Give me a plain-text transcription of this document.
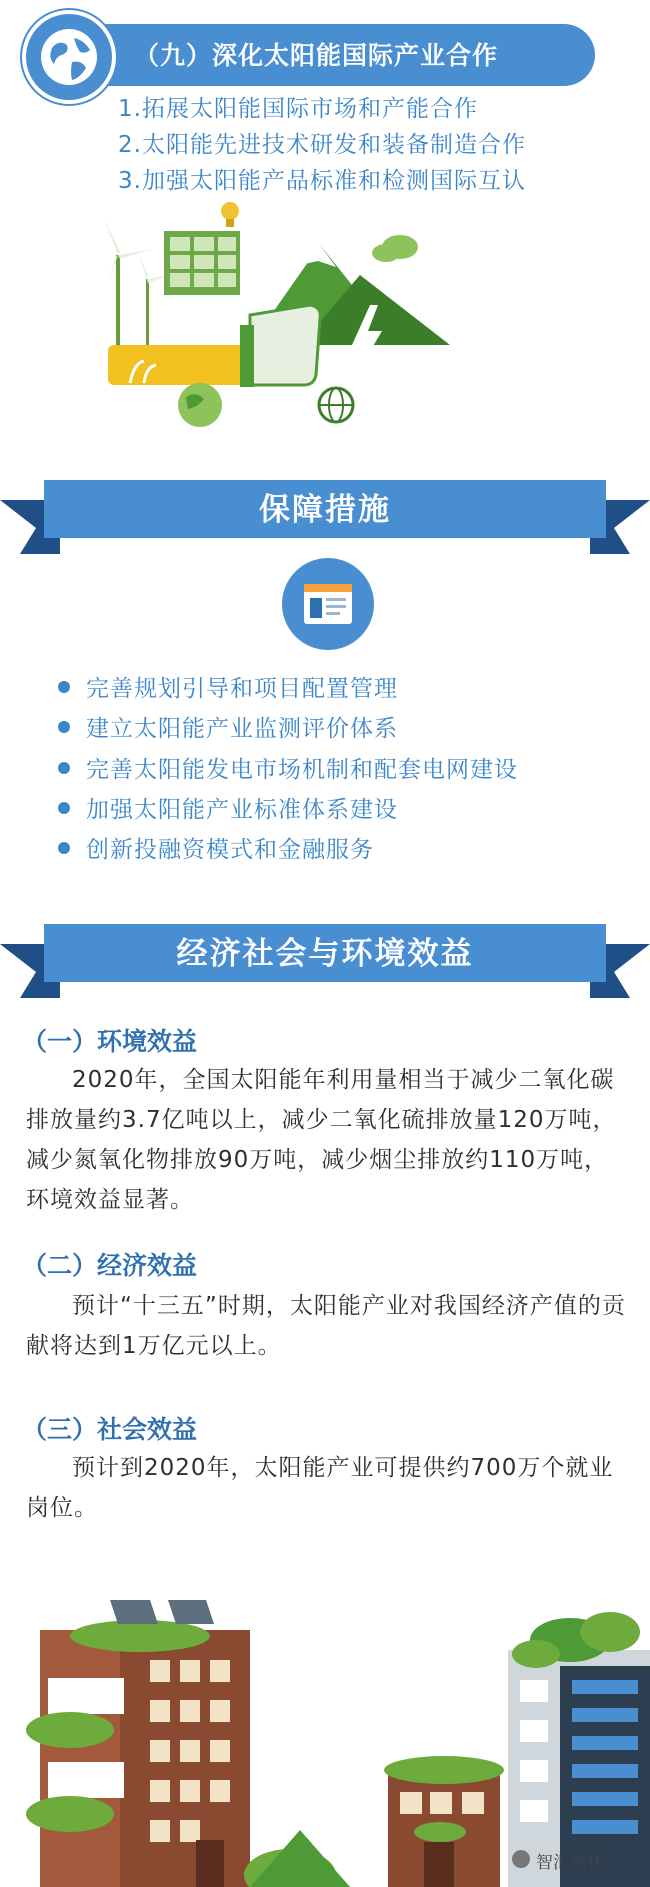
（九）深化太阳能国际产业合作
1.拓展太阳能国际市场和产能合作
2.太阳能先进技术研发和装备制造合作
3.加强太阳能产品标准和检测国际互认
保障措施
完善规划引导和项目配置管理
建立太阳能产业监测评价体系
完善太阳能发电市场机制和配套电网建设
加强太阳能产业标准体系建设
创新投融资模式和金融服务
经济社会与环境效益
（一）环境效益
2020年，全国太阳能年利用量相当于减少二氧化碳排放量约3.7亿吨以上，减少二氧化硫排放量120万吨，减少氮氧化物排放90万吨，减少烟尘排放约110万吨，环境效益显著。
（二）经济效益
预计“十三五”时期，太阳能产业对我国经济产值的贡献将达到1万亿元以上。
（三）社会效益
预计到2020年，太阳能产业可提供约700万个就业岗位。
智汇光伏
